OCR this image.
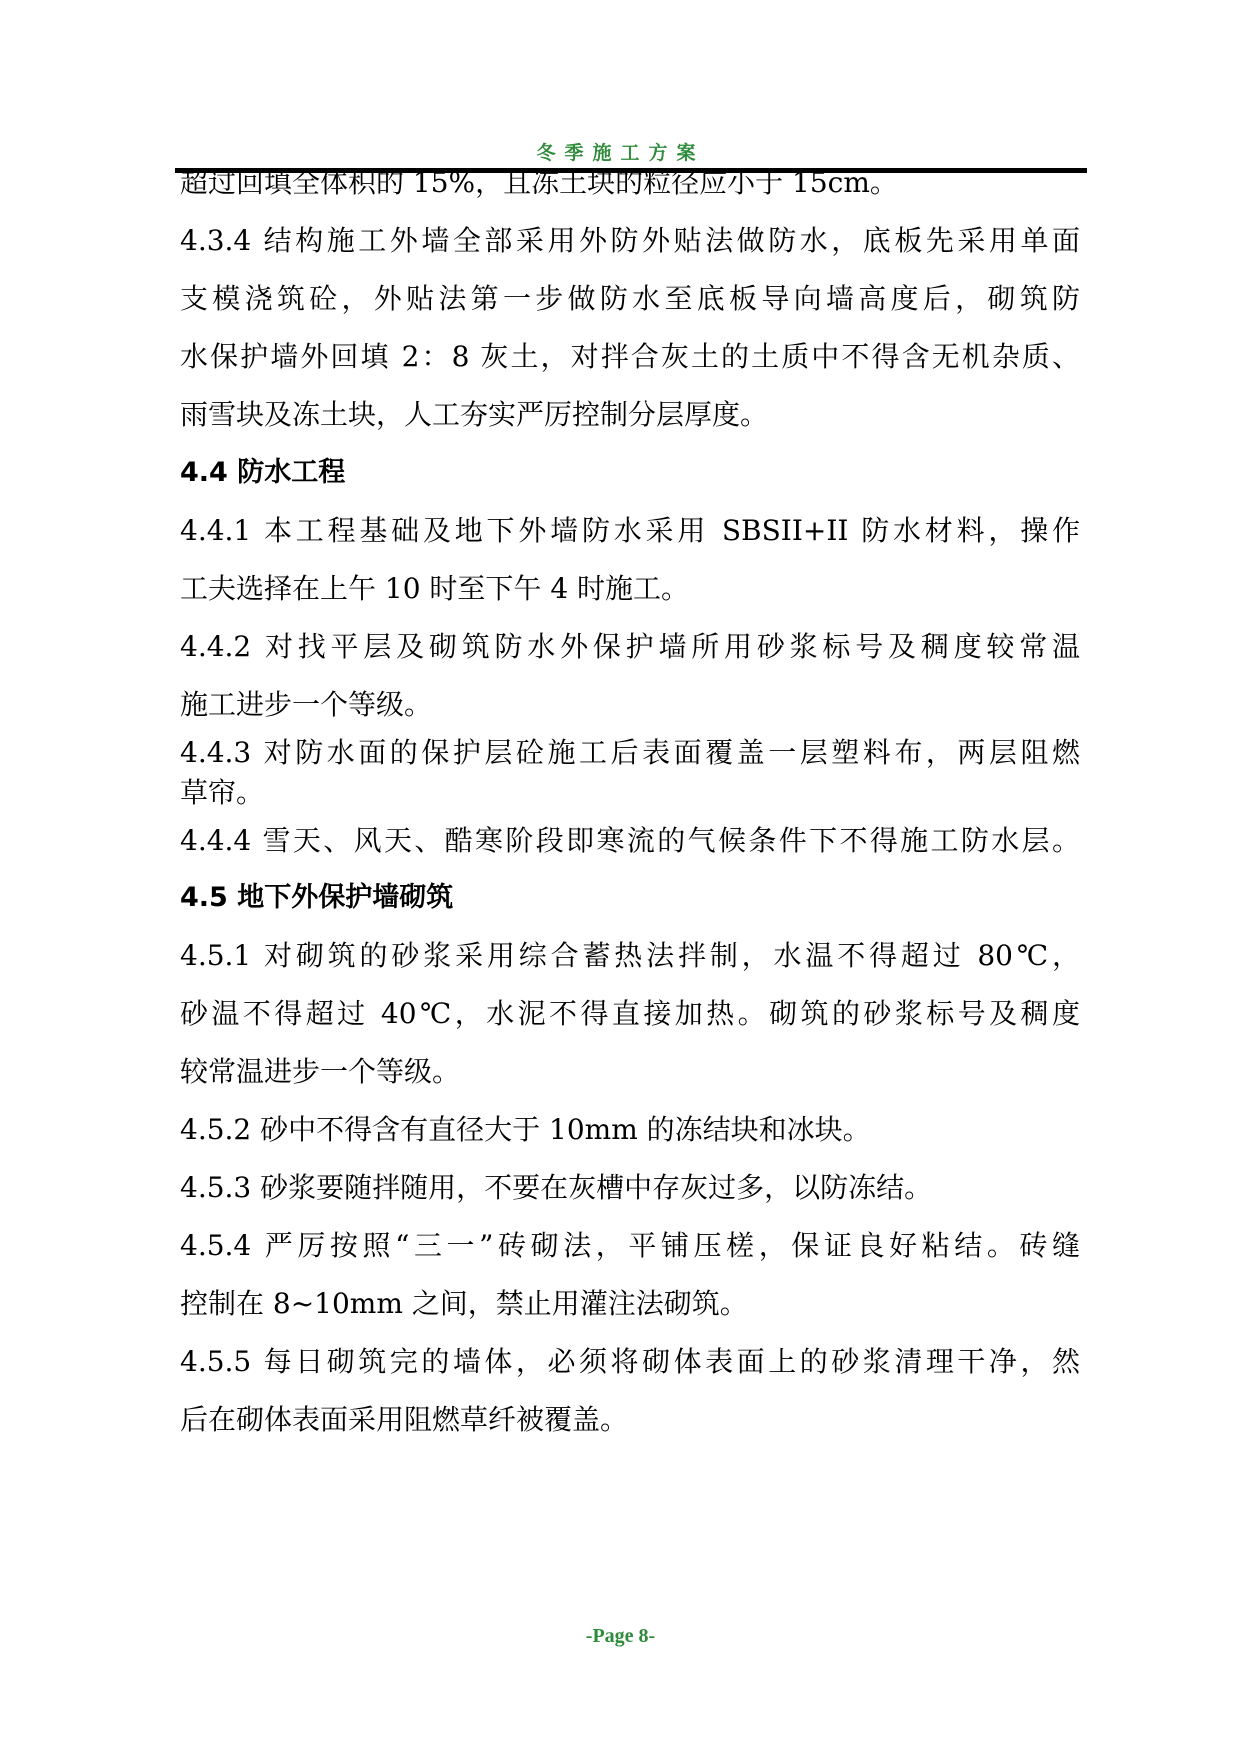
冬季施工方案
超过回填全体积的 15%，且冻土块的粒径应小于 15cm。
4.3.4 结构施工外墙全部采用外防外贴法做防水，底板先采用单面
支模浇筑砼，外贴法第一步做防水至底板导向墙高度后，砌筑防
水保护墙外回填 2：8 灰土，对拌合灰土的土质中不得含无机杂质、
雨雪块及冻土块，人工夯实严厉控制分层厚度。
4.4 防水工程
4.4.1 本工程基础及地下外墙防水采用 SBSII+II 防水材料，操作
工夫选择在上午 10 时至下午 4 时施工。
4.4.2 对找平层及砌筑防水外保护墙所用砂浆标号及稠度较常温
施工进步一个等级。
4.4.3 对防水面的保护层砼施工后表面覆盖一层塑料布，两层阻燃
草帘。
4.4.4 雪天、风天、酷寒阶段即寒流的气候条件下不得施工防水层。
4.5 地下外保护墙砌筑
4.5.1 对砌筑的砂浆采用综合蓄热法拌制，水温不得超过 80℃，
砂温不得超过 40℃，水泥不得直接加热。砌筑的砂浆标号及稠度
较常温进步一个等级。
4.5.2 砂中不得含有直径大于 10mm 的冻结块和冰块。
4.5.3 砂浆要随拌随用，不要在灰槽中存灰过多，以防冻结。
4.5.4 严厉按照“三一”砖砌法，平铺压槎，保证良好粘结。砖缝
控制在 8~10mm 之间，禁止用灌注法砌筑。
4.5.5 每日砌筑完的墙体，必须将砌体表面上的砂浆清理干净，然
后在砌体表面采用阻燃草纤被覆盖。
-Page 8-
